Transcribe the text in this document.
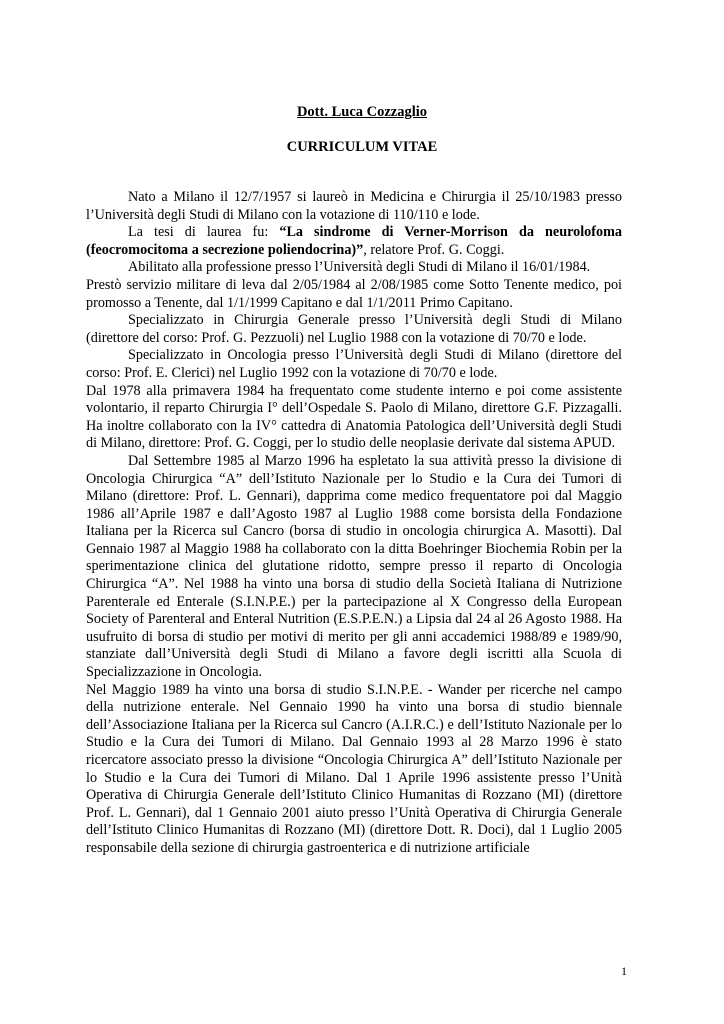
Dott. Luca Cozzaglio
CURRICULUM VITAE

Nato a Milano il 12/7/1957 si laureò in Medicina e Chirurgia il 25/10/1983 presso l’Università degli Studi di Milano con la votazione di 110/110 e lode.

La tesi di laurea fu: “La sindrome di Verner-Morrison da neurolofoma (feocromocitoma a secrezione poliendocrina)”, relatore Prof. G. Coggi.

Abilitato alla professione presso l’Università degli Studi di Milano il 16/01/1984.

Prestò servizio militare di leva dal 2/05/1984 al 2/08/1985 come Sotto Tenente medico, poi promosso a Tenente, dal 1/1/1999 Capitano e dal 1/1/2011 Primo Capitano.

Specializzato in Chirurgia Generale presso l’Università degli Studi di Milano (direttore del corso: Prof. G. Pezzuoli) nel Luglio 1988 con la votazione di 70/70 e lode.

Specializzato in Oncologia presso l’Università degli Studi di Milano (direttore del corso: Prof. E. Clerici) nel Luglio 1992 con la votazione di 70/70 e lode.

Dal 1978 alla primavera 1984 ha frequentato come studente interno e poi come assistente volontario, il reparto Chirurgia I° dell’Ospedale S. Paolo di Milano, direttore G.F. Pizzagalli. Ha inoltre collaborato con la IV° cattedra di Anatomia Patologica dell’Università degli Studi di Milano, direttore: Prof. G. Coggi, per lo studio delle neoplasie derivate dal sistema APUD.

Dal Settembre 1985 al Marzo 1996 ha espletato la sua attività presso la divisione di Oncologia Chirurgica “A” dell’Istituto Nazionale per lo Studio e la Cura dei Tumori di Milano (direttore: Prof. L. Gennari), dapprima come medico frequentatore poi dal Maggio 1986 all’Aprile 1987 e dall’Agosto 1987 al Luglio 1988 come borsista della Fondazione Italiana per la Ricerca sul Cancro (borsa di studio in oncologia chirurgica A. Masotti). Dal Gennaio 1987 al Maggio 1988 ha collaborato con la ditta Boehringer Biochemia Robin per la sperimentazione clinica del glutatione ridotto, sempre presso il reparto di Oncologia Chirurgica “A”. Nel 1988 ha vinto una borsa di studio della Società Italiana di Nutrizione Parenterale ed Enterale (S.I.N.P.E.) per la partecipazione al X Congresso della European Society of Parenteral and Enteral Nutrition (E.S.P.E.N.) a Lipsia dal 24 al 26 Agosto 1988. Ha usufruito di borsa di studio per motivi di merito per gli anni accademici 1988/89 e 1989/90, stanziate dall’Università degli Studi di Milano a favore degli iscritti alla Scuola di Specializzazione in Oncologia.

Nel Maggio 1989 ha vinto una borsa di studio S.I.N.P.E. - Wander per ricerche nel campo della nutrizione enterale. Nel Gennaio 1990 ha vinto una borsa di studio biennale dell’Associazione Italiana per la Ricerca sul Cancro (A.I.R.C.) e dell’Istituto Nazionale per lo Studio e la Cura dei Tumori di Milano. Dal Gennaio 1993 al 28 Marzo 1996 è stato ricercatore associato presso la divisione “Oncologia Chirurgica A” dell’Istituto Nazionale per lo Studio e la Cura dei Tumori di Milano. Dal 1 Aprile 1996 assistente presso l’Unità Operativa di Chirurgia Generale dell’Istituto Clinico Humanitas di Rozzano (MI) (direttore Prof. L. Gennari), dal 1 Gennaio 2001 aiuto presso l’Unità Operativa di Chirurgia Generale dell’Istituto Clinico Humanitas di Rozzano (MI) (direttore Dott. R. Doci), dal 1 Luglio 2005 responsabile della sezione di chirurgia gastroenterica e di nutrizione artificiale

1
